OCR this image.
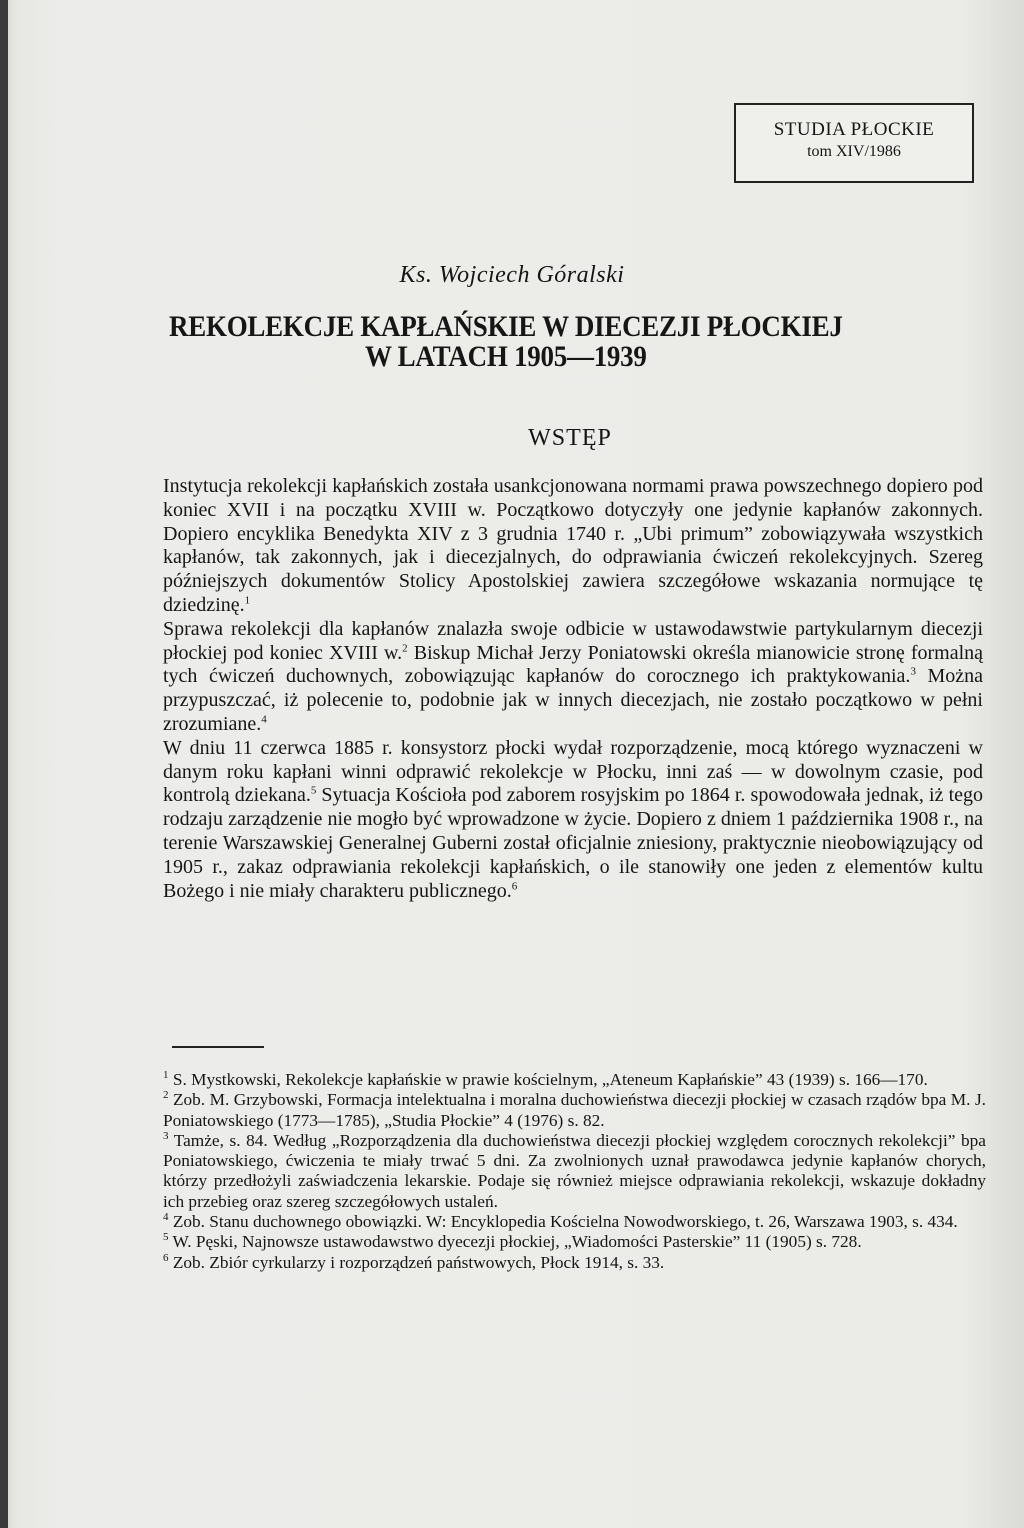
STUDIA PŁOCKIE
tom XIV/1986
Ks. Wojciech Góralski
REKOLEKCJE KAPŁAŃSKIE W DIECEZJI PŁOCKIEJ
W LATACH 1905—1939
WSTĘP

Instytucja rekolekcji kapłańskich została usankcjonowana normami prawa powszechnego dopiero pod koniec XVII i na początku XVIII w. Początkowo dotyczyły one jedynie kapłanów zakonnych. Dopiero encyklika Benedykta XIV z 3 grudnia 1740 r. „Ubi primum” zobowiązywała wszystkich kapłanów, tak zakonnych, jak i diecezjalnych, do odprawiania ćwiczeń rekolekcyjnych. Szereg późniejszych dokumentów Stolicy Apostolskiej zawiera szczegółowe wskazania normujące tę dziedzinę.$^1$

Sprawa rekolekcji dla kapłanów znalazła swoje odbicie w ustawodawstwie partykularnym diecezji płockiej pod koniec XVIII w.$^2$ Biskup Michał Jerzy Poniatowski określa mianowicie stronę formalną tych ćwiczeń duchownych, zobowiązując kapłanów do corocznego ich praktykowania.$^3$ Można przypuszczać, iż polecenie to, podobnie jak w innych diecezjach, nie zostało początkowo w pełni zrozumiane.$^4$

W dniu 11 czerwca 1885 r. konsystorz płocki wydał rozporządzenie, mocą którego wyznaczeni w danym roku kapłani winni odprawić rekolekcje w Płocku, inni zaś — w dowolnym czasie, pod kontrolą dziekana.$^5$ Sytuacja Kościoła pod zaborem rosyjskim po 1864 r. spowodowała jednak, iż tego rodzaju zarządzenie nie mogło być wprowadzone w życie. Dopiero z dniem 1 października 1908 r., na terenie Warszawskiej Generalnej Guberni został oficjalnie zniesiony, praktycznie nieobowiązujący od 1905 r., zakaz odprawiania rekolekcji kapłańskich, o ile stanowiły one jeden z elementów kultu Bożego i nie miały charakteru publicznego.$^6$

$^1$ S. Mystkowski, Rekolekcje kapłańskie w prawie kościelnym, „Ateneum Kapłańskie” 43 (1939) s. 166—170.

$^2$ Zob. M. Grzybowski, Formacja intelektualna i moralna duchowieństwa diecezji płockiej w czasach rządów bpa M. J. Poniatowskiego (1773—1785), „Studia Płockie” 4 (1976) s. 82.

$^3$ Tamże, s. 84. Według „Rozporządzenia dla duchowieństwa diecezji płockiej względem corocznych rekolekcji” bpa Poniatowskiego, ćwiczenia te miały trwać 5 dni. Za zwolnionych uznał prawodawca jedynie kapłanów chorych, którzy przedłożyli zaświadczenia lekarskie. Podaje się również miejsce odprawiania rekolekcji, wskazuje dokładny ich przebieg oraz szereg szczegółowych ustaleń.

$^4$ Zob. Stanu duchownego obowiązki. W: Encyklopedia Kościelna Nowodworskiego, t. 26, Warszawa 1903, s. 434.

$^5$ W. Pęski, Najnowsze ustawodawstwo dyecezji płockiej, „Wiadomości Pasterskie” 11 (1905) s. 728.

$^6$ Zob. Zbiór cyrkularzy i rozporządzeń państwowych, Płock 1914, s. 33.
